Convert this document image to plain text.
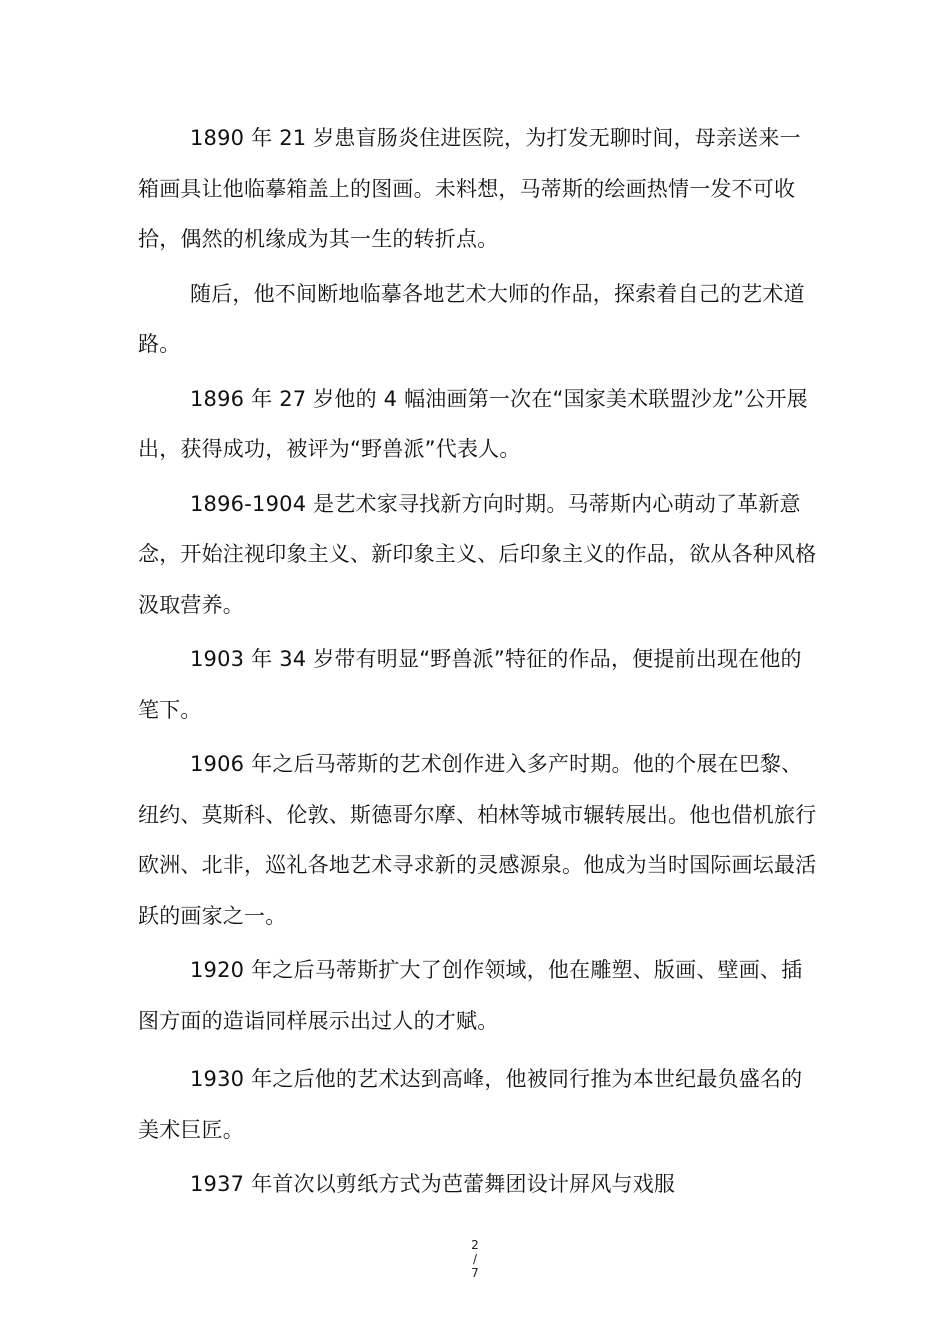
1890 年 21 岁患盲肠炎住进医院，为打发无聊时间，母亲送来一箱画具让他临摹箱盖上的图画。未料想，马蒂斯的绘画热情一发不可收拾，偶然的机缘成为其一生的转折点。

随后，他不间断地临摹各地艺术大师的作品，探索着自己的艺术道路。

1896 年 27 岁他的 4 幅油画第一次在“国家美术联盟沙龙”公开展出，获得成功，被评为“野兽派”代表人。

1896-1904 是艺术家寻找新方向时期。马蒂斯内心萌动了革新意念，开始注视印象主义、新印象主义、后印象主义的作品，欲从各种风格汲取营养。

1903 年 34 岁带有明显“野兽派”特征的作品，便提前出现在他的笔下。

1906 年之后马蒂斯的艺术创作进入多产时期。他的个展在巴黎、纽约、莫斯科、伦敦、斯德哥尔摩、柏林等城市辗转展出。他也借机旅行欧洲、北非，巡礼各地艺术寻求新的灵感源泉。他成为当时国际画坛最活跃的画家之一。

1920 年之后马蒂斯扩大了创作领域，他在雕塑、版画、壁画、插图方面的造诣同样展示出过人的才赋。

1930 年之后他的艺术达到高峰，他被同行推为本世纪最负盛名的美术巨匠。

1937 年首次以剪纸方式为芭蕾舞团设计屏风与戏服

2
/
7
